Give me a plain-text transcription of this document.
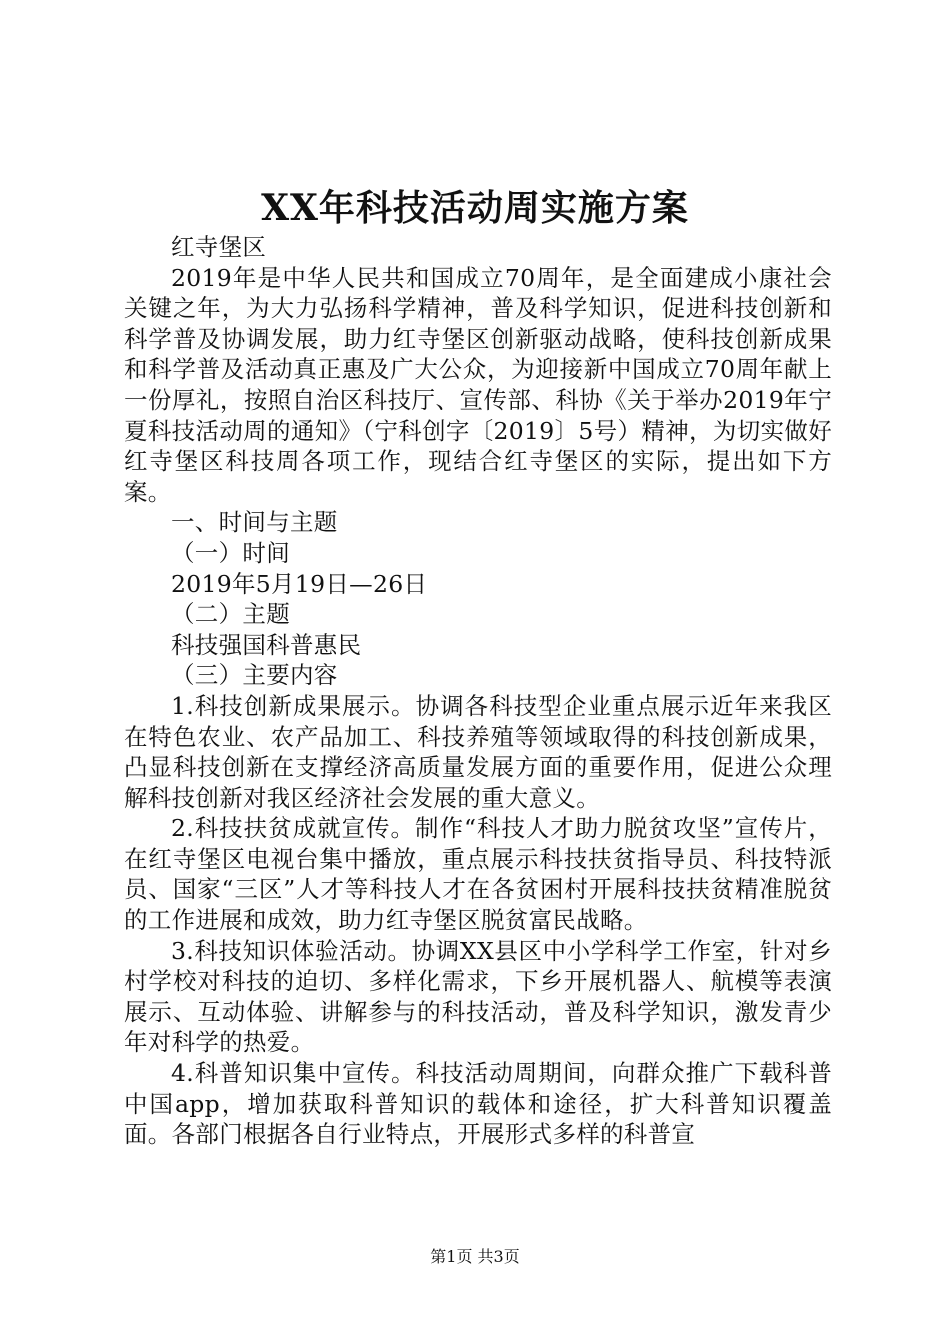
XX年科技活动周实施方案

红寺堡区

2019年是中华人民共和国成立70周年，是全面建成小康社会关键之年，为大力弘扬科学精神，普及科学知识，促进科技创新和科学普及协调发展，助力红寺堡区创新驱动战略，使科技创新成果和科学普及活动真正惠及广大公众，为迎接新中国成立70周年献上一份厚礼，按照自治区科技厅、宣传部、科协《关于举办2019年宁夏科技活动周的通知》（宁科创字〔2019〕5号）精神，为切实做好红寺堡区科技周各项工作，现结合红寺堡区的实际，提出如下方案。

一、时间与主题

（一）时间

2019年5月19日—26日

（二）主题

科技强国科普惠民

（三）主要内容

1.科技创新成果展示。协调各科技型企业重点展示近年来我区在特色农业、农产品加工、科技养殖等领域取得的科技创新成果，凸显科技创新在支撑经济高质量发展方面的重要作用，促进公众理解科技创新对我区经济社会发展的重大意义。

2.科技扶贫成就宣传。制作“科技人才助力脱贫攻坚”宣传片，在红寺堡区电视台集中播放，重点展示科技扶贫指导员、科技特派员、国家“三区”人才等科技人才在各贫困村开展科技扶贫精准脱贫的工作进展和成效，助力红寺堡区脱贫富民战略。

3.科技知识体验活动。协调XX县区中小学科学工作室，针对乡村学校对科技的迫切、多样化需求，下乡开展机器人、航模等表演展示、互动体验、讲解参与的科技活动，普及科学知识，激发青少年对科学的热爱。

4.科普知识集中宣传。科技活动周期间，向群众推广下载科普中国app，增加获取科普知识的载体和途径，扩大科普知识覆盖面。各部门根据各自行业特点，开展形式多样的科普宣

第1页 共3页
